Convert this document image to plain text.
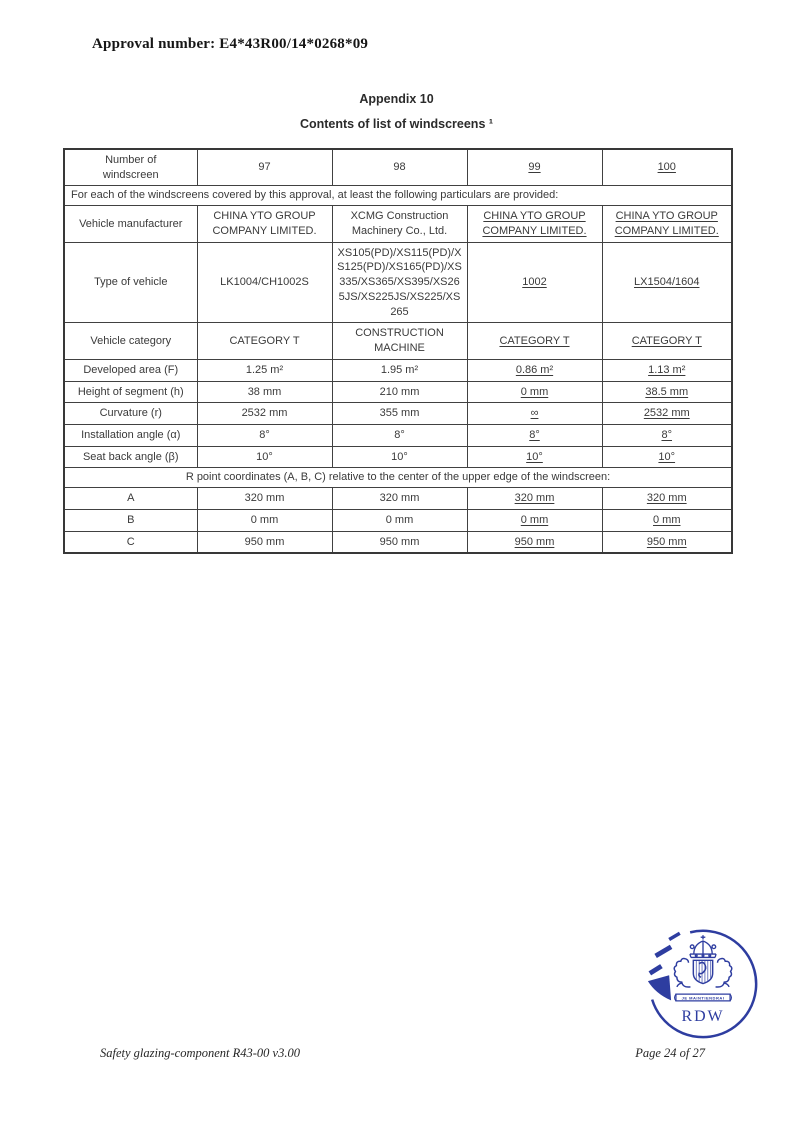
Approval number: E4*43R00/14*0268*09
Appendix 10
Contents of list of windscreens ¹
Number of windscreen	97	98	99	100
For each of the windscreens covered by this approval, at least the following particulars are provided:				
Vehicle manufacturer	CHINA YTO GROUP COMPANY LIMITED.	XCMG Construction Machinery Co., Ltd.	CHINA YTO GROUP COMPANY LIMITED.	CHINA YTO GROUP COMPANY LIMITED.
Type of vehicle	LK1004/CH1002S	XS105(PD)/XS115(PD)/XS125(PD)/XS165(PD)/XS335/XS365/XS395/XS265JS/XS225JS/XS225/XS265	1002	LX1504/1604
Vehicle category	CATEGORY T	CONSTRUCTION MACHINE	CATEGORY T	CATEGORY T
Developed area (F)	1.25 m²	1.95 m²	0.86 m²	1.13 m²
Height of segment (h)	38 mm	210 mm	0 mm	38.5 mm
Curvature (r)	2532 mm	355 mm	∞	2532 mm
Installation angle (α)	8°	8°	8°	8°
Seat back angle (β)	10°	10°	10°	10°
R point coordinates (A, B, C) relative to the center of the upper edge of the windscreen:				
A	320 mm	320 mm	320 mm	320 mm
B	0 mm	0 mm	0 mm	0 mm
C	950 mm	950 mm	950 mm	950 mm
JE MAINTIENDRAI
RDW
Safety glazing-component R43-00 v3.00	Page 24 of 27
